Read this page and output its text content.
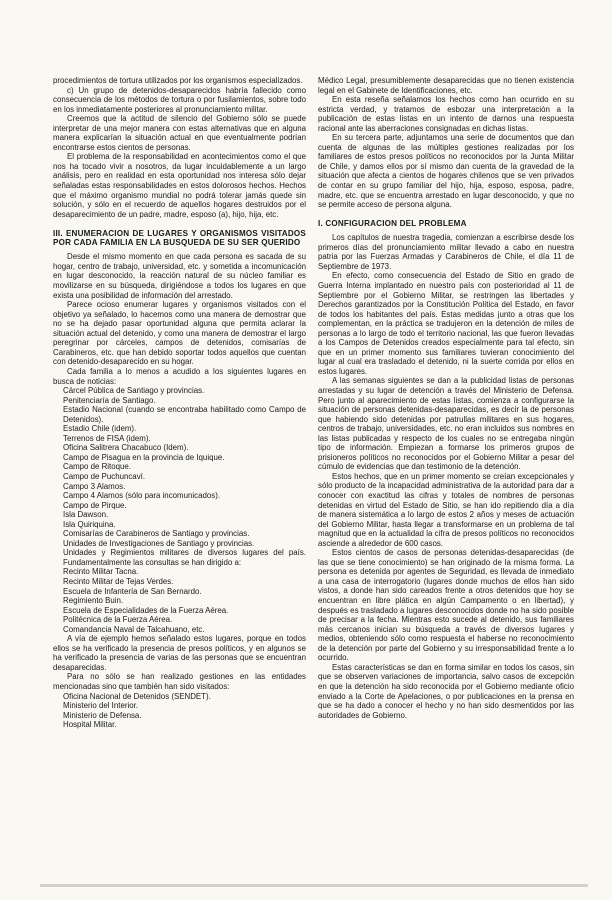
procedimientos de tortura utilizados por los organismos especializados.

c) Un grupo de detenidos-desaparecidos habría fallecido como consecuencia de los métodos de tortura o por fusilamientos, sobre todo en los inmediatamente posteriores al pronunciamiento militar.

Creemos que la actitud de silencio del Gobierno sólo se puede interpretar de una mejor manera con estas alternativas que en alguna manera explicarían la situación actual en que eventualmente podrían encontrarse estos cientos de personas.

El problema de la responsabilidad en acontecimientos como el que nos ha tocado vivir a nosotros, da lugar incuidablemente a un largo análisis, pero en realidad en esta oportunidad nos interesa sólo dejar señaladas estas responsabilidades en estos dolorosos hechos. Hechos que el máximo organismo mundial no podrá tolerar jamás quede sin solución, y sólo en el recuerdo de aquellos hogares destruidos por el desaparecimiento de un padre, madre, esposo (a), hijo, hija, etc.

III. ENUMERACION DE LUGARES Y ORGANISMOS VISITADOS POR CADA FAMILIA EN LA BUSQUEDA DE SU SER QUERIDO

Desde el mismo momento en que cada persona es sacada de su hogar, centro de trabajo, universidad, etc. y sometida a incomunicación en lugar desconocido, la reacción natural de su núcleo familiar es movilizarse en su búsqueda, dirigiéndose a todos los lugares en que exista una posibilidad de información del arrestado.

Parece ocioso enumerar lugares y organismos visitados con el objetivo ya señalado, lo hacemos como una manera de demostrar que no se ha dejado pasar oportunidad alguna que permita aclarar la situación actual del detenido, y como una manera de demostrar el largo peregrinar por cárceles, campos de detenidos, comisarías de Carabineros, etc. que han debido soportar todos aquellos que cuentan con detenido-desaparecido en su hogar.

Cada familia a lo menos a acudido a los siguientes lugares en busca de noticias:

Cárcel Pública de Santiago y provincias.
Penitenciaría de Santiago.
Estadio Nacional (cuando se encontraba habilitado como Campo de Detenidos).
Estadio Chile (idem).
Terrenos de FISA (idem).
Oficina Salitrera Chacabuco (Idem).
Campo de Pisagua en la provincia de Iquique.
Campo de Ritoque.
Campo de Puchuncaví.
Campo 3 Alamos.
Campo 4 Alamos (sólo para incomunicados).
Campo de Pirque.
Isla Dawson.
Isla Quiriquina.
Comisarías de Carabineros de Santiago y provincias.
Unidades de Investigaciones de Santiago y provincias.
Unidades y Regimientos militares de diversos lugares del país. Fundamentalmente las consultas se han dirigido a:
Recinto Militar Tacna.
Recinto Militar de Tejas Verdes.
Escuela de Infantería de San Bernardo.
Regimiento Buin.
Escuela de Especialidades de la Fuerza Aérea.
Politécnica de la Fuerza Aérea.
Comandancia Naval de Talcahuano, etc.

A vía de ejemplo hemos señalado estos lugares, porque en todos ellos se ha verificado la presencia de presos políticos, y en algunos se ha verificado la presencia de varias de las personas que se encuentran desaparecidas.

Para no sólo se han realizado gestiones en las entidades mencionadas sino que también han sido visitados:

Oficina Nacional de Detenidos (SENDET).
Ministerio del Interior.
Ministerio de Defensa.
Hospital Militar.

Médico Legal, presumiblemente desaparecidas que no tienen existencia legal en el Gabinete de Identificaciones, etc.

En esta reseña señalamos los hechos como han ocurrido en su estricta verdad, y tratamos de esbozar una interpretación a la publicación de estas listas en un intento de darnos una respuesta racional ante las aberraciones consignadas en dichas listas.

En su tercera parte, adjuntamos una serie de documentos que dan cuenta de algunas de las múltiples gestiones realizadas por los familiares de estos presos políticos no reconocidos por la Junta Militar de Chile, y damos ellos por sí mismo dan cuenta de la gravedad de la situación que afecta a cientos de hogares chilenos que se ven privados de contar en su grupo familiar del hijo, hija, esposo, esposa, padre, madre, etc. que se encuentra arrestado en lugar desconocido, y que no se permite acceso de persona alguna.

I. CONFIGURACION DEL PROBLEMA

Los capítulos de nuestra tragedia, comienzan a escribirse desde los primeros días del pronunciamiento militar llevado a cabo en nuestra patria por las Fuerzas Armadas y Carabineros de Chile, el día 11 de Septiembre de 1973.

En efecto, como consecuencia del Estado de Sitio en grado de Guerra Interna implantado en nuestro país con posterioridad al 11 de Septiembre por el Gobierno Militar, se restringen las libertades y Derechos garantizados por la Constitución Política del Estado, en favor de todos los habitantes del país. Estas medidas junto a otras que los complementan, en la práctica se tradujeron en la detención de miles de personas a lo largo de todo el territorio nacional, las que fueron llevadas a los Campos de Detenidos creados especialmente para tal efecto, sin que en un primer momento sus familiares tuvieran conocimiento del lugar al cual era trasladado el detenido, ni la suerte corrida por ellos en estos lugares.

A las semanas siguientes se dan a la publicidad listas de personas arrestadas y su lugar de detención a través del Ministerio de Defensa. Pero junto al aparecimiento de estas listas, comienza a configurarse la situación de personas detenidas-desaparecidas, es decir la de personas que habiendo sido detenidas por patrullas militares en sus hogares, centros de trabajo, universidades, etc. no eran incluidos sus nombres en las listas publicadas y respecto de los cuales no se entregaba ningún tipo de información. Empiezan a formarse los primeros grupos de prisioneros políticos no reconocidos por el Gobierno Militar a pesar del cúmulo de evidencias que dan testimonio de la detención.

Estos hechos, que en un primer momento se creían excepcionales y sólo producto de la incapacidad administrativa de la autoridad para dar a conocer con exactitud las cifras y totales de nombres de personas detenidas en virtud del Estado de Sitio, se han ido repitiendo día a día de manera sistemática a lo largo de estos 2 años y meses de actuación del Gobierno Militar, hasta llegar a transformarse en un problema de tal magnitud que en la actualidad la cifra de presos políticos no reconocidos asciende a alrededor de 600 casos.

Estos cientos de casos de personas detenidas-desaparecidas (de las que se tiene conocimiento) se han originado de la misma forma. La persona es detenida por agentes de Seguridad, es llevada de inmediato a una casa de interrogatorio (lugares donde muchos de ellos han sido vistos, a donde han sido careados frente a otros detenidos que hoy se encuentran en libre plática en algún Campamento o en libertad), y después es trasladado a lugares desconocidos donde no ha sido posible de precisar a la fecha. Mientras esto sucede al detenido, sus familiares más cercanos inician su búsqueda a través de diversos lugares y medios, obteniendo sólo como respuesta el haberse no reconocimiento de la detención por parte del Gobierno y su irresponsabilidad frente a lo ocurrido.

Estas características se dan en forma similar en todos los casos, sin que se observen variaciones de importancia, salvo casos de excepción en que la detención ha sido reconocida por el Gobierno mediante oficio enviado a la Corte de Apelaciones, o por publicaciones en la prensa en que se ha dado a conocer el hecho y no han sido desmentidos por las autoridades de Gobierno.
